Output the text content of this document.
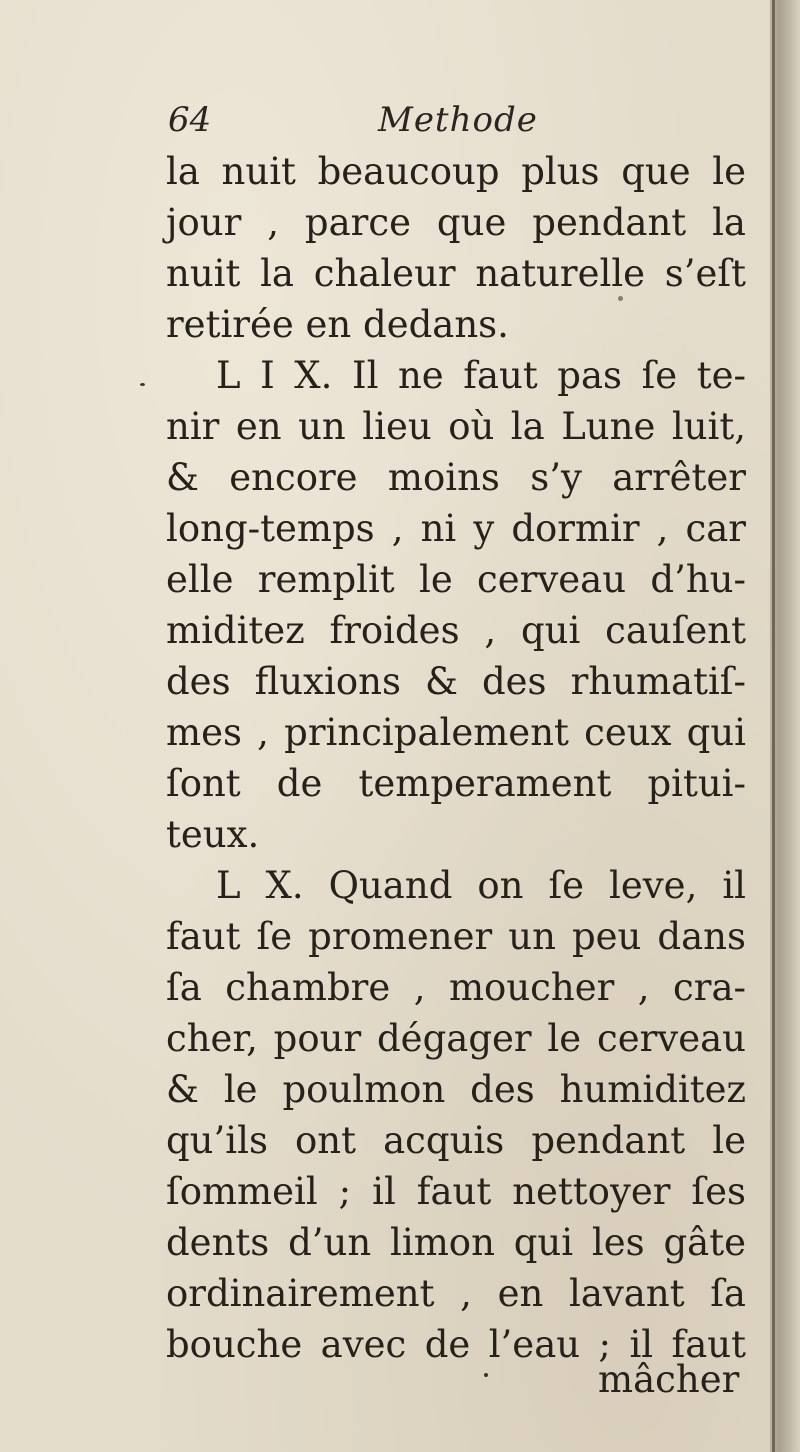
64	Methode
la nuit beaucoup plus que le
jour , parce que pendant la
nuit la chaleur naturelle s’eſt
retirée en dedans.
L I X. Il ne faut pas ſe te-
nir en un lieu où la Lune luit,
& encore moins s’y arrêter
long-temps , ni y dormir , car
elle remplit le cerveau d’hu-
miditez froides , qui cauſent
des fluxions & des rhumatiſ-
mes , principalement ceux qui
ſont de temperament pitui-
teux.
L X. Quand on ſe leve, il
faut ſe promener un peu dans
ſa chambre , moucher , cra-
cher, pour dégager le cerveau
& le poulmon des humiditez
qu’ils ont acquis pendant le
ſommeil ; il faut nettoyer ſes
dents d’un limon qui les gâte
ordinairement , en lavant ſa
bouche avec de l’eau ; il faut
mâcher
